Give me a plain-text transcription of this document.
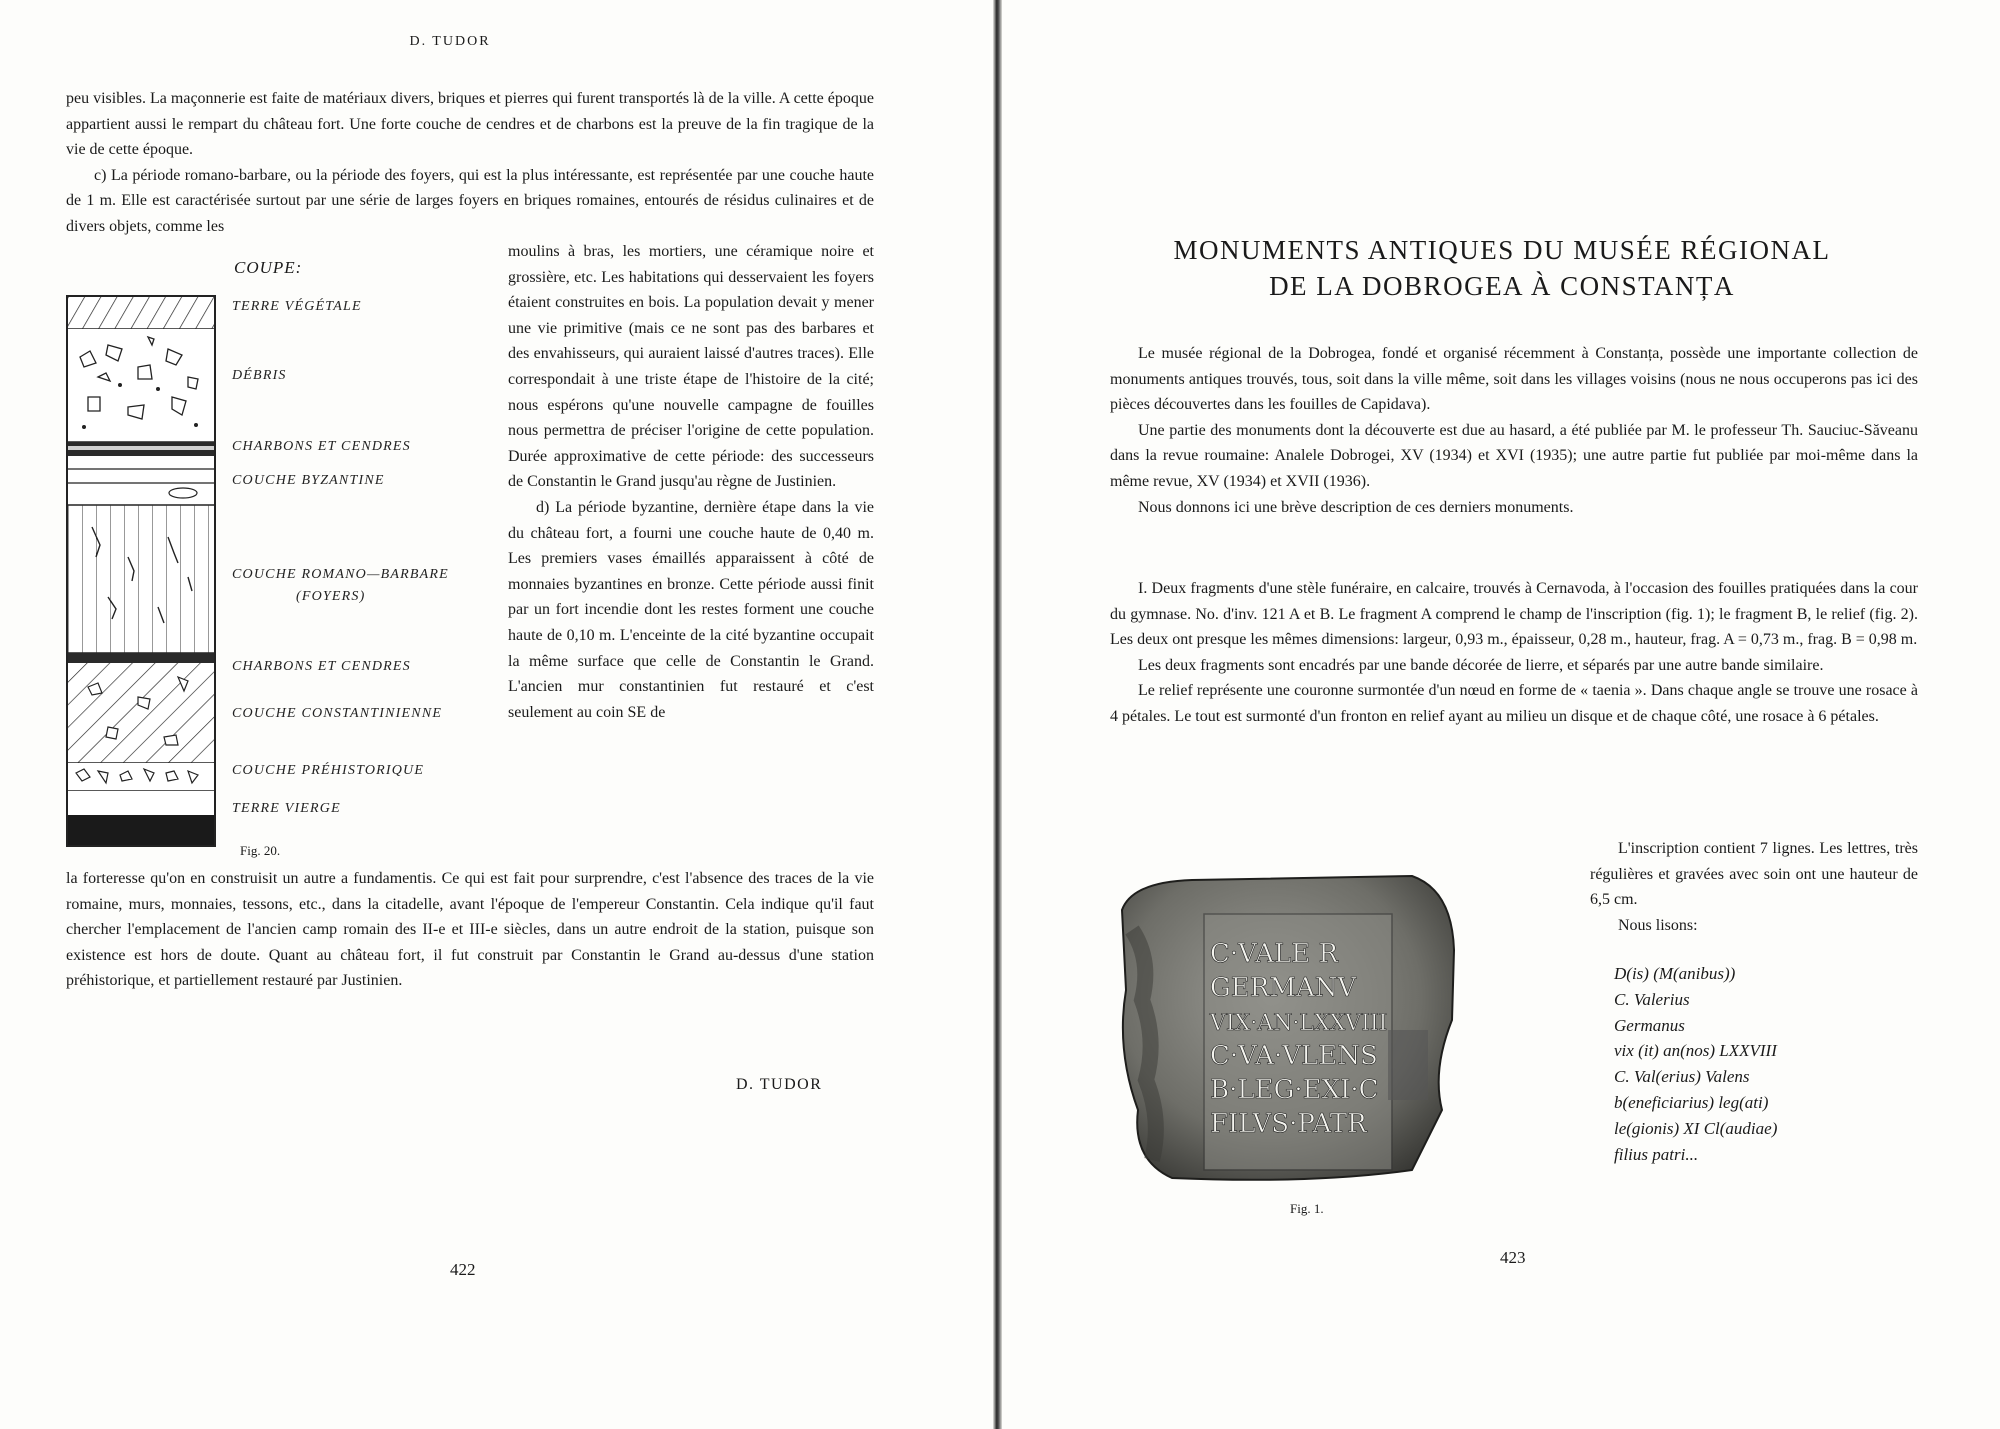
D. TUDOR

peu visibles. La maçonnerie est faite de matériaux divers, briques et pierres qui furent transportés là de la ville. A cette époque appartient aussi le rempart du château fort. Une forte couche de cendres et de charbons est la preuve de la fin tragique de la vie de cette époque.

c) La période romano-barbare, ou la période des foyers, qui est la plus intéressante, est représentée par une couche haute de 1 m. Elle est caractérisée surtout par une série de larges foyers en briques romaines, entourés de résidus culinaires et de divers objets, comme les

COUPE:
TERRE VÉGÉTALE
DÉBRIS
CHARBONS ET CENDRES
COUCHE BYZANTINE
COUCHE ROMANO—BARBARE
(FOYERS)
CHARBONS ET CENDRES
COUCHE CONSTANTINIENNE
COUCHE PRÉHISTORIQUE
TERRE VIERGE
Fig. 20.

moulins à bras, les mortiers, une céramique noire et grossière, etc. Les habitations qui desservaient les foyers étaient construites en bois. La population devait y mener une vie primitive (mais ce ne sont pas des barbares et des envahisseurs, qui auraient laissé d'autres traces). Elle correspondait à une triste étape de l'histoire de la cité; nous espérons qu'une nouvelle campagne de fouilles nous permettra de préciser l'origine de cette population. Durée approximative de cette période: des successeurs de Constantin le Grand jusqu'au règne de Justinien.

d) La période byzantine, dernière étape dans la vie du château fort, a fourni une couche haute de 0,40 m. Les premiers vases émaillés apparaissent à côté de monnaies byzantines en bronze. Cette période aussi finit par un fort incendie dont les restes forment une couche haute de 0,10 m. L'enceinte de la cité byzantine occupait la même surface que celle de Constantin le Grand. L'ancien mur constantinien fut restauré et c'est seulement au coin SE de

la forteresse qu'on en construisit un autre a fundamentis. Ce qui est fait pour surprendre, c'est l'absence des traces de la vie romaine, murs, monnaies, tessons, etc., dans la citadelle, avant l'époque de l'empereur Constantin. Cela indique qu'il faut chercher l'emplacement de l'ancien camp romain des II-e et III-e siècles, dans un autre endroit de la station, puisque son existence est hors de doute. Quant au château fort, il fut construit par Constantin le Grand au-dessus d'une station préhistorique, et partiellement restauré par Justinien.
D. TUDOR
422
MONUMENTS ANTIQUES DU MUSÉE RÉGIONAL
DE LA DOBROGEA À CONSTANȚA

Le musée régional de la Dobrogea, fondé et organisé récemment à Constanța, possède une importante collection de monuments antiques trouvés, tous, soit dans la ville même, soit dans les villages voisins (nous ne nous occuperons pas ici des pièces découvertes dans les fouilles de Capidava).

Une partie des monuments dont la découverte est due au hasard, a été publiée par M. le professeur Th. Sauciuc-Săveanu dans la revue roumaine: Analele Dobrogei, XV (1934) et XVI (1935); une autre partie fut publiée par moi-même dans la même revue, XV (1934) et XVII (1936).

Nous donnons ici une brève description de ces derniers monuments.

I. Deux fragments d'une stèle funéraire, en calcaire, trouvés à Cernavoda, à l'occasion des fouilles pratiquées dans la cour du gymnase. No. d'inv. 121 A et B. Le fragment A comprend le champ de l'inscription (fig. 1); le fragment B, le relief (fig. 2). Les deux ont presque les mêmes dimensions: largeur, 0,93 m., épaisseur, 0,28 m., hauteur, frag. A = 0,73 m., frag. B = 0,98 m.

Les deux fragments sont encadrés par une bande décorée de lierre, et séparés par une autre bande similaire.

Le relief représente une couronne surmontée d'un nœud en forme de « taenia ». Dans chaque angle se trouve une rosace à 4 pétales. Le tout est surmonté d'un fronton en relief ayant au milieu un disque et de chaque côté, une rosace à 6 pétales.

C·VALE R
GERMANV
VIX·AN·LXXVIII
C·VA·VLENS
B·LEG·EXI·C
FILVS·PATR

L'inscription contient 7 lignes. Les lettres, très régulières et gravées avec soin ont une hauteur de 6,5 cm.

Nous lisons:

D(is) (M(anibus))
C. Valerius
Germanus
vix (it) an(nos) LXXVIII
C. Val(erius) Valens
b(eneficiarius) leg(ati)
le(gionis) XI Cl(audiae)
filius patri...
Fig. 1.
423
